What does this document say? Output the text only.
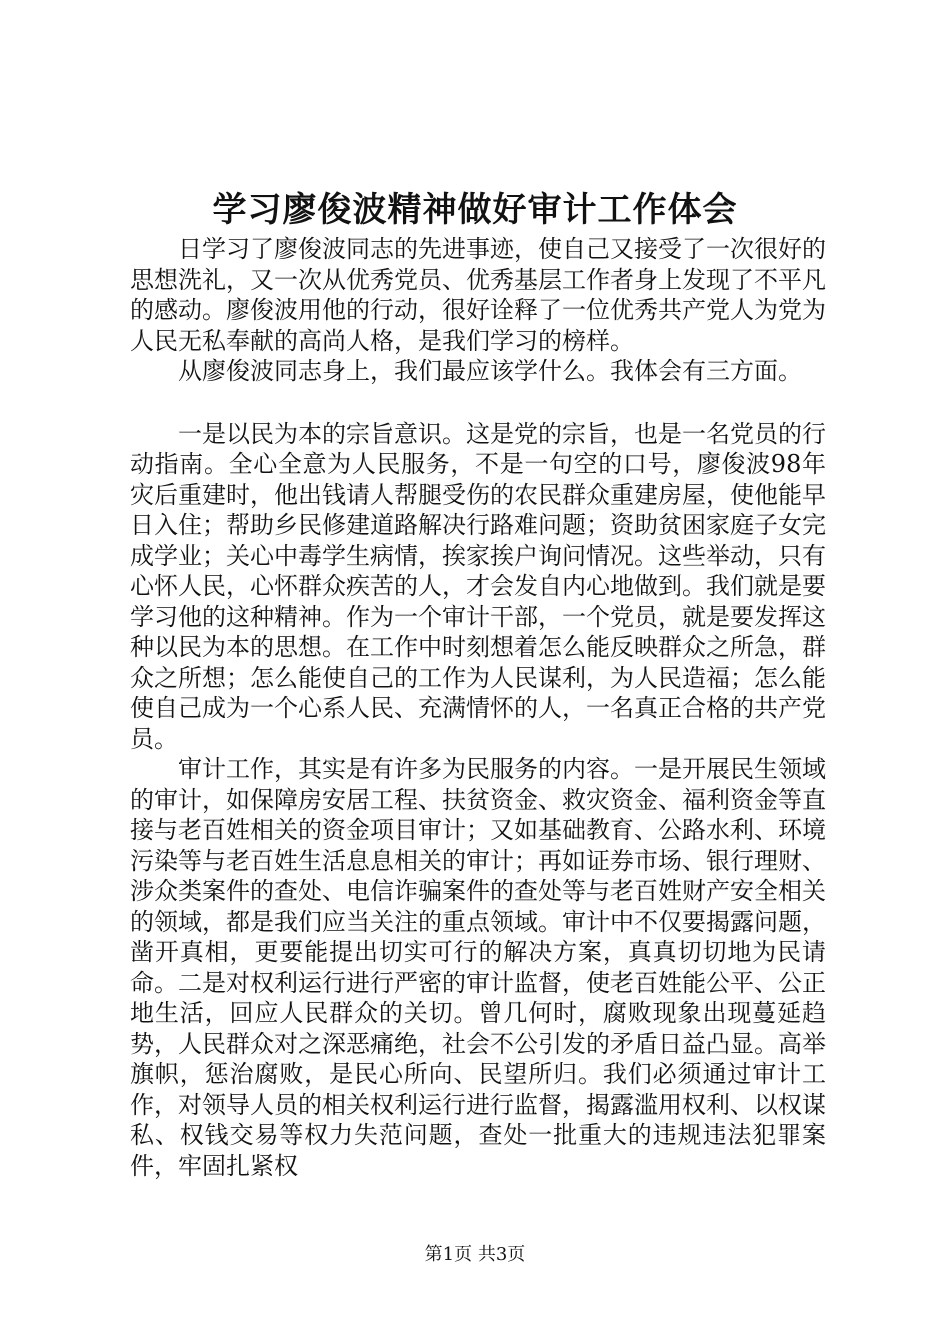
学习廖俊波精神做好审计工作体会

日学习了廖俊波同志的先进事迹，使自己又接受了一次很好的思想洗礼，又一次从优秀党员、优秀基层工作者身上发现了不平凡的感动。廖俊波用他的行动，很好诠释了一位优秀共产党人为党为人民无私奉献的高尚人格，是我们学习的榜样。

从廖俊波同志身上，我们最应该学什么。我体会有三方面。

一是以民为本的宗旨意识。这是党的宗旨，也是一名党员的行动指南。全心全意为人民服务，不是一句空的口号，廖俊波98年灾后重建时，他出钱请人帮腿受伤的农民群众重建房屋，使他能早日入住；帮助乡民修建道路解决行路难问题；资助贫困家庭子女完成学业；关心中毒学生病情，挨家挨户询问情况。这些举动，只有心怀人民，心怀群众疾苦的人，才会发自内心地做到。我们就是要学习他的这种精神。作为一个审计干部，一个党员，就是要发挥这种以民为本的思想。在工作中时刻想着怎么能反映群众之所急，群众之所想；怎么能使自己的工作为人民谋利，为人民造福；怎么能使自己成为一个心系人民、充满情怀的人，一名真正合格的共产党员。

审计工作，其实是有许多为民服务的内容。一是开展民生领域的审计，如保障房安居工程、扶贫资金、救灾资金、福利资金等直接与老百姓相关的资金项目审计；又如基础教育、公路水利、环境污染等与老百姓生活息息相关的审计；再如证券市场、银行理财、涉众类案件的查处、电信诈骗案件的查处等与老百姓财产安全相关的领域，都是我们应当关注的重点领域。审计中不仅要揭露问题，凿开真相，更要能提出切实可行的解决方案，真真切切地为民请命。二是对权利运行进行严密的审计监督，使老百姓能公平、公正地生活，回应人民群众的关切。曾几何时，腐败现象出现蔓延趋势，人民群众对之深恶痛绝，社会不公引发的矛盾日益凸显。高举旗帜，惩治腐败，是民心所向、民望所归。我们必须通过审计工作，对领导人员的相关权利运行进行监督，揭露滥用权利、以权谋私、权钱交易等权力失范问题，查处一批重大的违规违法犯罪案件，牢固扎紧权

第1页 共3页
